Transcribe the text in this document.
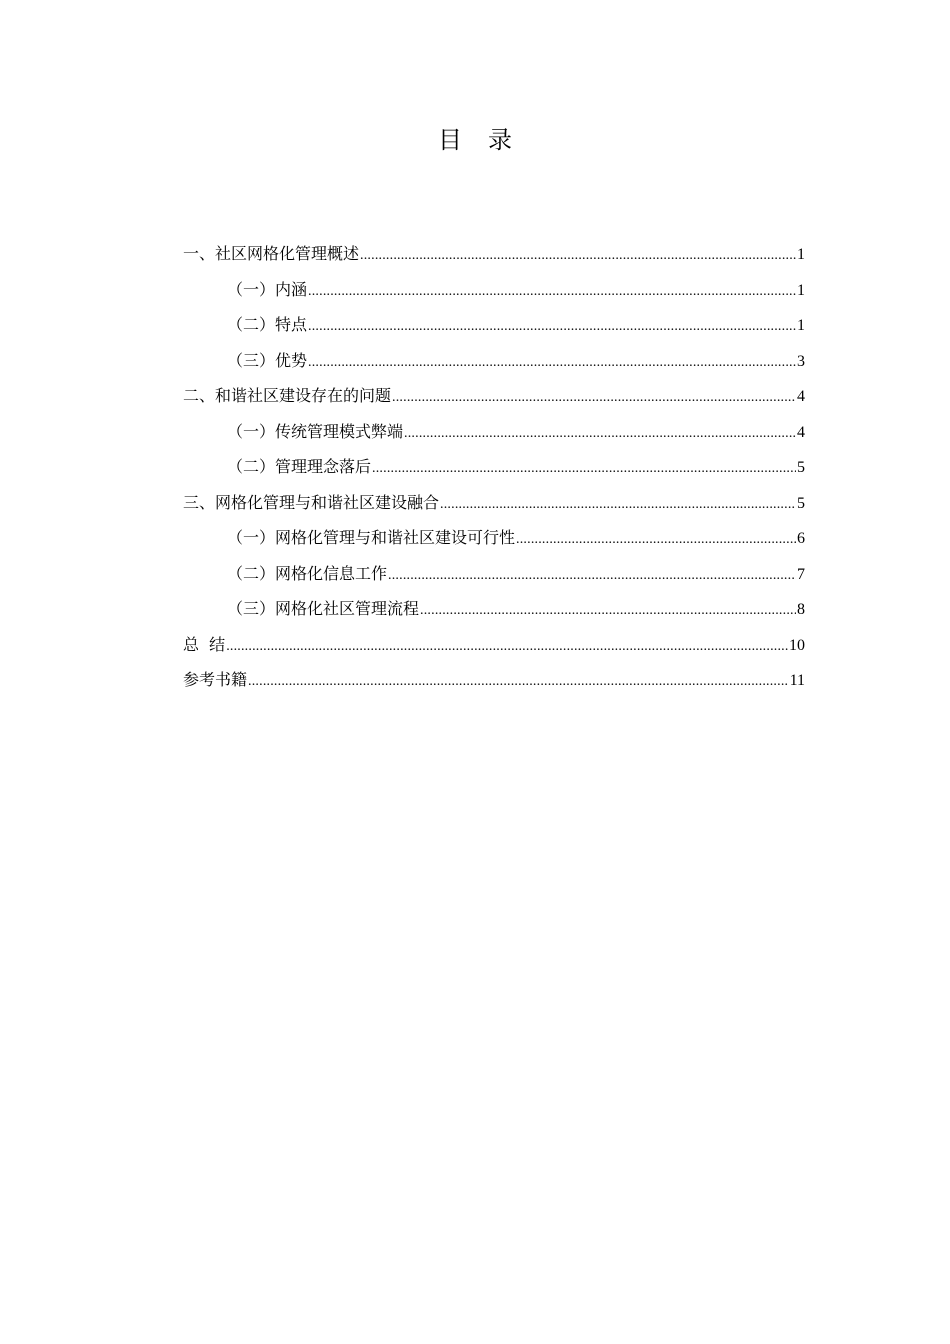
目 录
一、社区网格化管理概述 .....	1
（一）内涵 .....	1
（二）特点 .....	1
（三）优势 .....	3
二、和谐社区建设存在的问题 .....	4
（一）传统管理模式弊端 .....	4
（二）管理理念落后 .....	5
三、网格化管理与和谐社区建设融合 .....	5
（一）网格化管理与和谐社区建设可行性 .....	6
（二）网格化信息工作 .....	7
（三）网格化社区管理流程 .....	8
总  结 .....	10
参考书籍 .....	11
